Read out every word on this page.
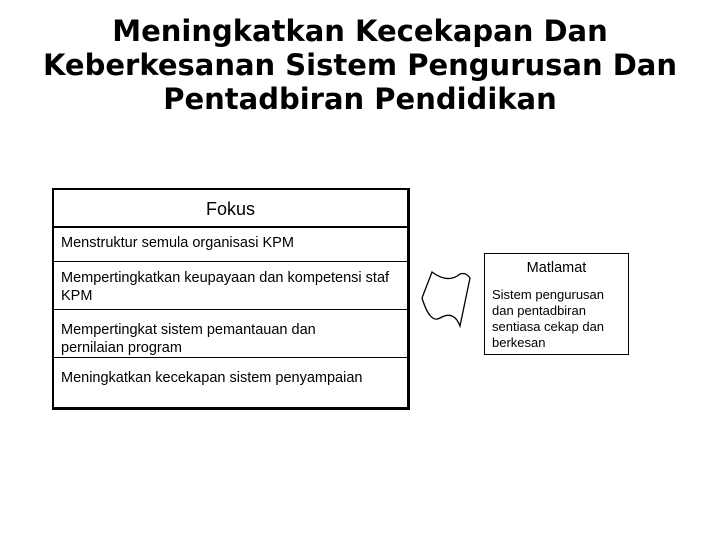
Meningkatkan Kecekapan Dan
Keberkesanan Sistem Pengurusan Dan
Pentadbiran Pendidikan
Fokus
Menstruktur semula organisasi KPM
Mempertingkatkan keupayaan dan kompetensi staf KPM
Mempertingkat sistem pemantauan dan pernilaian program
Meningkatkan kecekapan sistem penyampaian
Matlamat
Sistem pengurusan dan pentadbiran sentiasa cekap dan berkesan
